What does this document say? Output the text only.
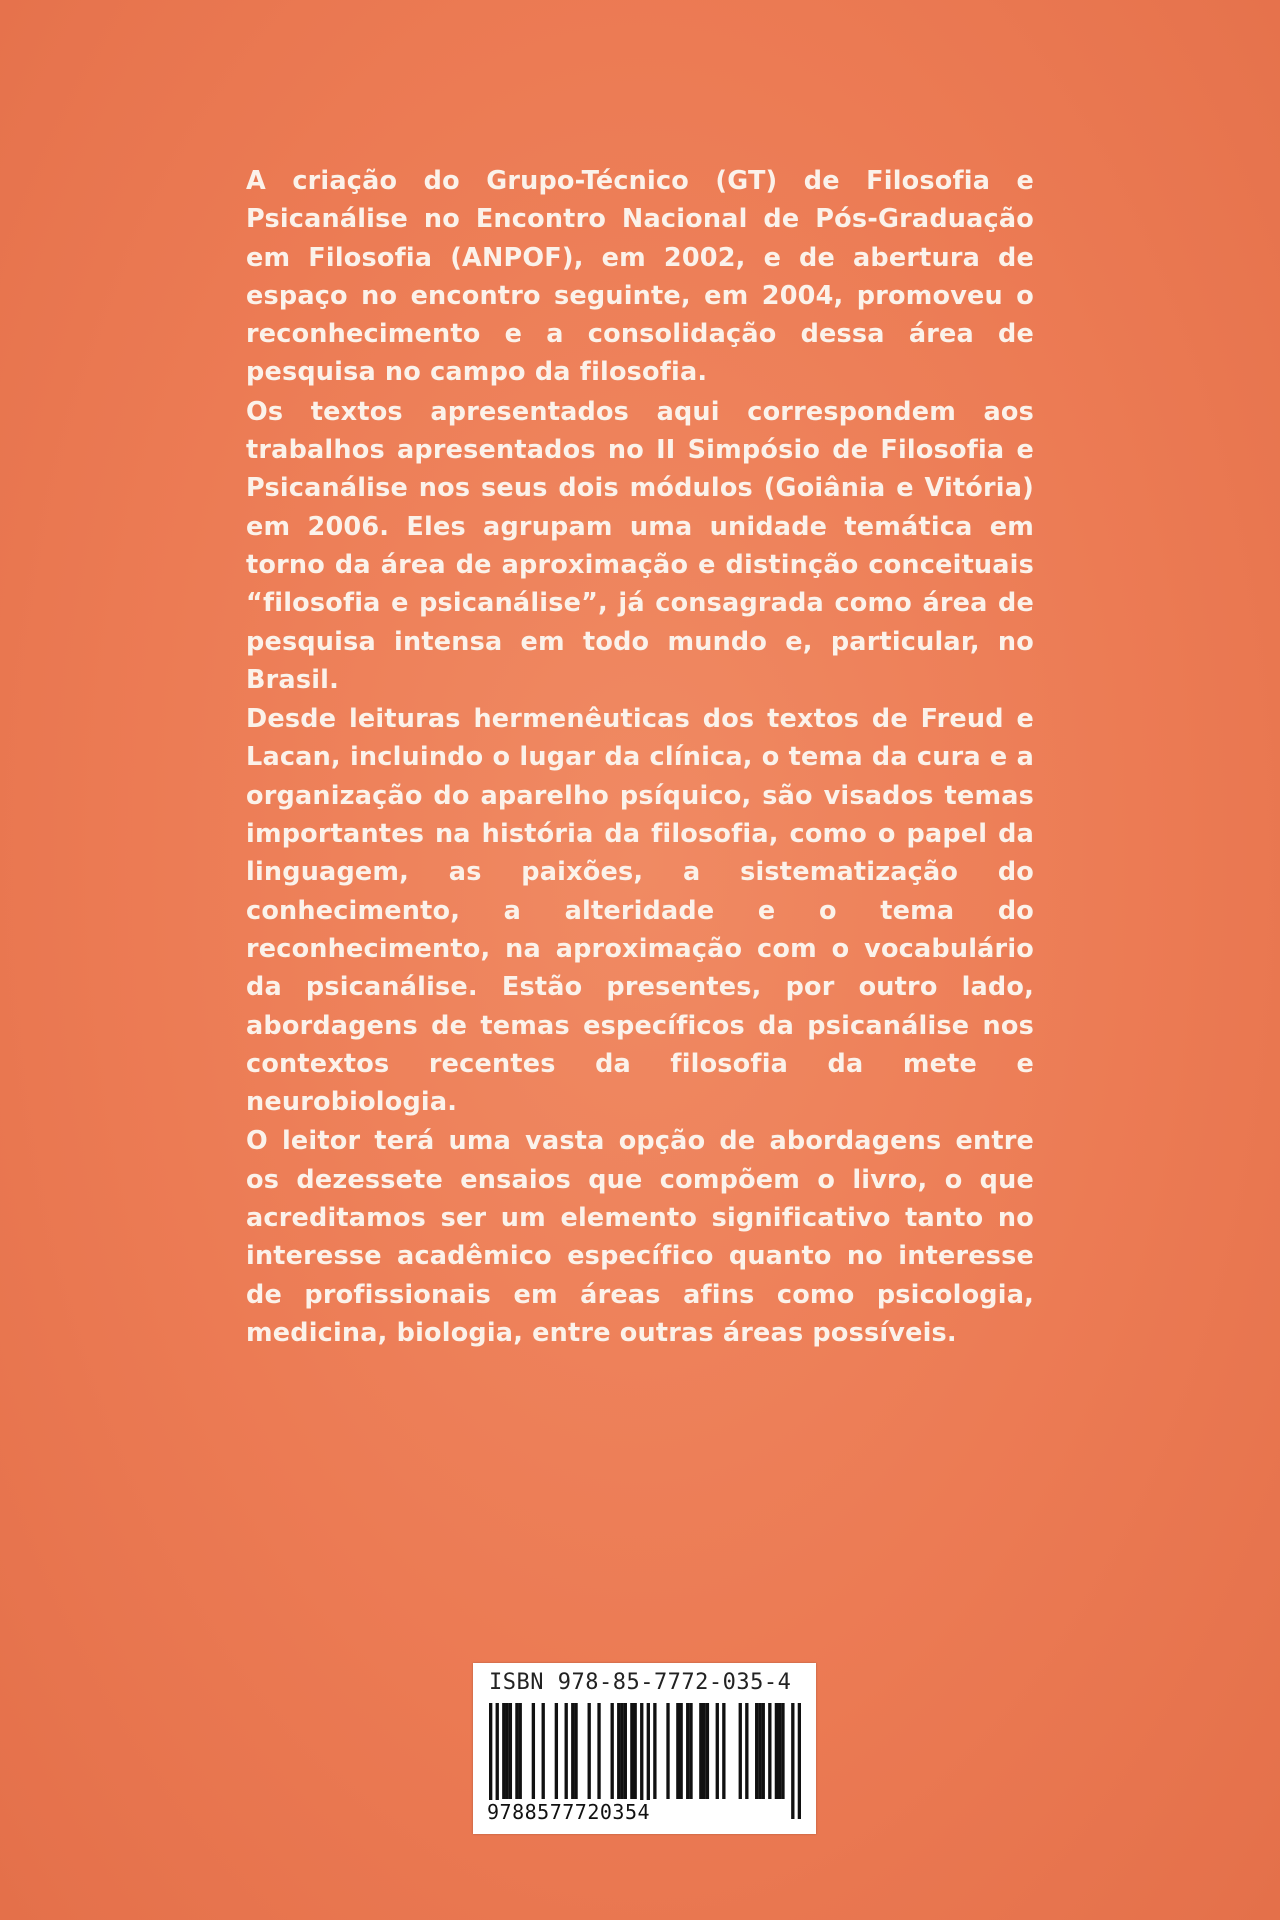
A criação do Grupo-Técnico (GT) de Filosofia e Psicanálise no Encontro Nacional de Pós-Graduação em Filosofia (ANPOF), em 2002, e de abertura de espaço no encontro seguinte, em 2004, promoveu o reconhecimento e a consolidação dessa área de pesquisa no campo da filosofia.

Os textos apresentados aqui correspondem aos trabalhos apresentados no II Simpósio de Filosofia e Psicanálise nos seus dois módulos (Goiânia e Vitória) em 2006. Eles agrupam uma unidade temática em torno da área de aproximação e distinção conceituais “filosofia e psicanálise”, já consagrada como área de pesquisa intensa em todo mundo e, particular, no Brasil.

Desde leituras hermenêuticas dos textos de Freud e Lacan, incluindo o lugar da clínica, o tema da cura e a organização do aparelho psíquico, são visados temas importantes na história da filosofia, como o papel da linguagem, as paixões, a sistematização do conhecimento, a alteridade e o tema do reconhecimento, na aproximação com o vocabulário da psicanálise. Estão presentes, por outro lado, abordagens de temas específicos da psicanálise nos contextos recentes da filosofia da mete e neurobiologia.

O leitor terá uma vasta opção de abordagens entre os dezessete ensaios que compõem o livro, o que acreditamos ser um elemento significativo tanto no interesse acadêmico específico quanto no interesse de profissionais em áreas afins como psicologia, medicina, biologia, entre outras áreas possíveis.

ISBN 978-85-7772-035-4
9788577720354
